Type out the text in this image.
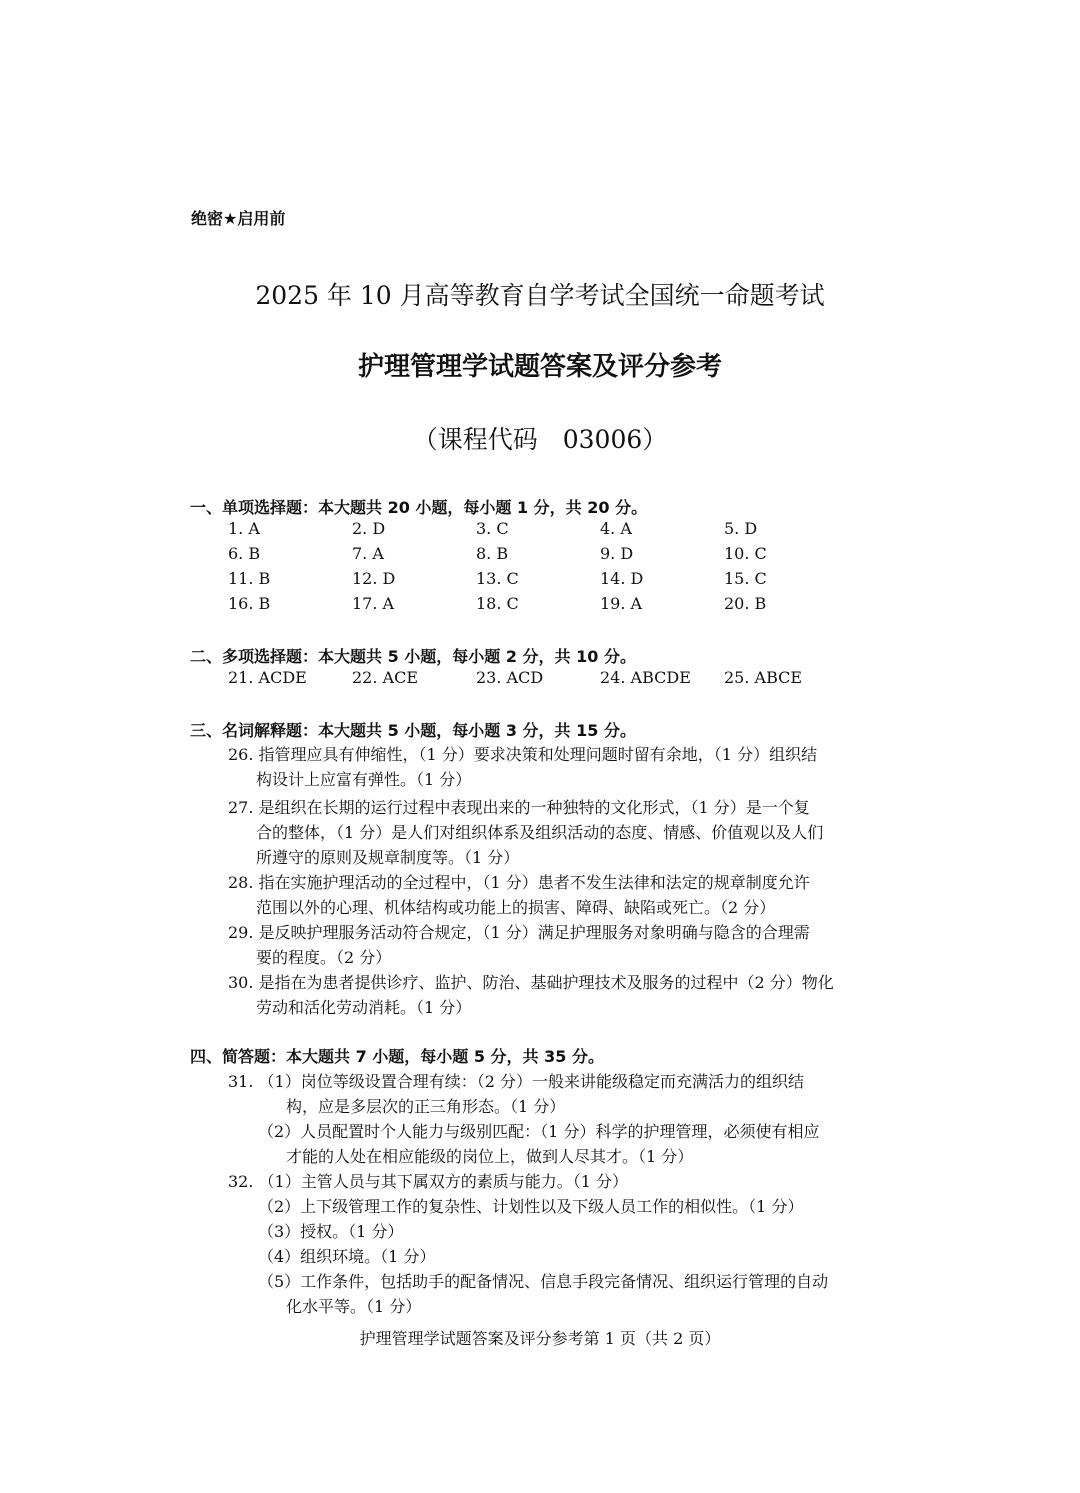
绝密★启用前
2025 年 10 月高等教育自学考试全国统一命题考试
护理管理学试题答案及评分参考
（课程代码　03006）
一、单项选择题：本大题共 20 小题，每小题 1 分，共 20 分。
1. A	2. D	3. C	4. A	5. D
6. B	7. A	8. B	9. D	10. C
11. B	12. D	13. C	14. D	15. C
16. B	17. A	18. C	19. A	20. B
二、多项选择题：本大题共 5 小题，每小题 2 分，共 10 分。
21. ACDE	22. ACE	23. ACD	24. ABCDE 25. ABCE
三、名词解释题：本大题共 5 小题，每小题 3 分，共 15 分。
26. 指管理应具有伸缩性，（1 分）要求决策和处理问题时留有余地，（1 分）组织结
构设计上应富有弹性。（1 分）
27. 是组织在长期的运行过程中表现出来的一种独特的文化形式，（1 分）是一个复
合的整体，（1 分）是人们对组织体系及组织活动的态度、情感、价值观以及人们
所遵守的原则及规章制度等。（1 分）
28. 指在实施护理活动的全过程中，（1 分）患者不发生法律和法定的规章制度允许
范围以外的心理、机体结构或功能上的损害、障碍、缺陷或死亡。（2 分）
29. 是反映护理服务活动符合规定，（1 分）满足护理服务对象明确与隐含的合理需
要的程度。（2 分）
30. 是指在为患者提供诊疗、监护、防治、基础护理技术及服务的过程中（2 分）物化
劳动和活化劳动消耗。（1 分）
四、简答题：本大题共 7 小题，每小题 5 分，共 35 分。
31. （1）岗位等级设置合理有续：（2 分）一般来讲能级稳定而充满活力的组织结
构，应是多层次的正三角形态。（1 分）
（2）人员配置时个人能力与级别匹配：（1 分）科学的护理管理，必须使有相应
才能的人处在相应能级的岗位上，做到人尽其才。（1 分）
32. （1）主管人员与其下属双方的素质与能力。（1 分）
（2）上下级管理工作的复杂性、计划性以及下级人员工作的相似性。（1 分）
（3）授权。（1 分）
（4）组织环境。（1 分）
（5）工作条件，包括助手的配备情况、信息手段完备情况、组织运行管理的自动
化水平等。（1 分）
护理管理学试题答案及评分参考第 1 页（共 2 页）
